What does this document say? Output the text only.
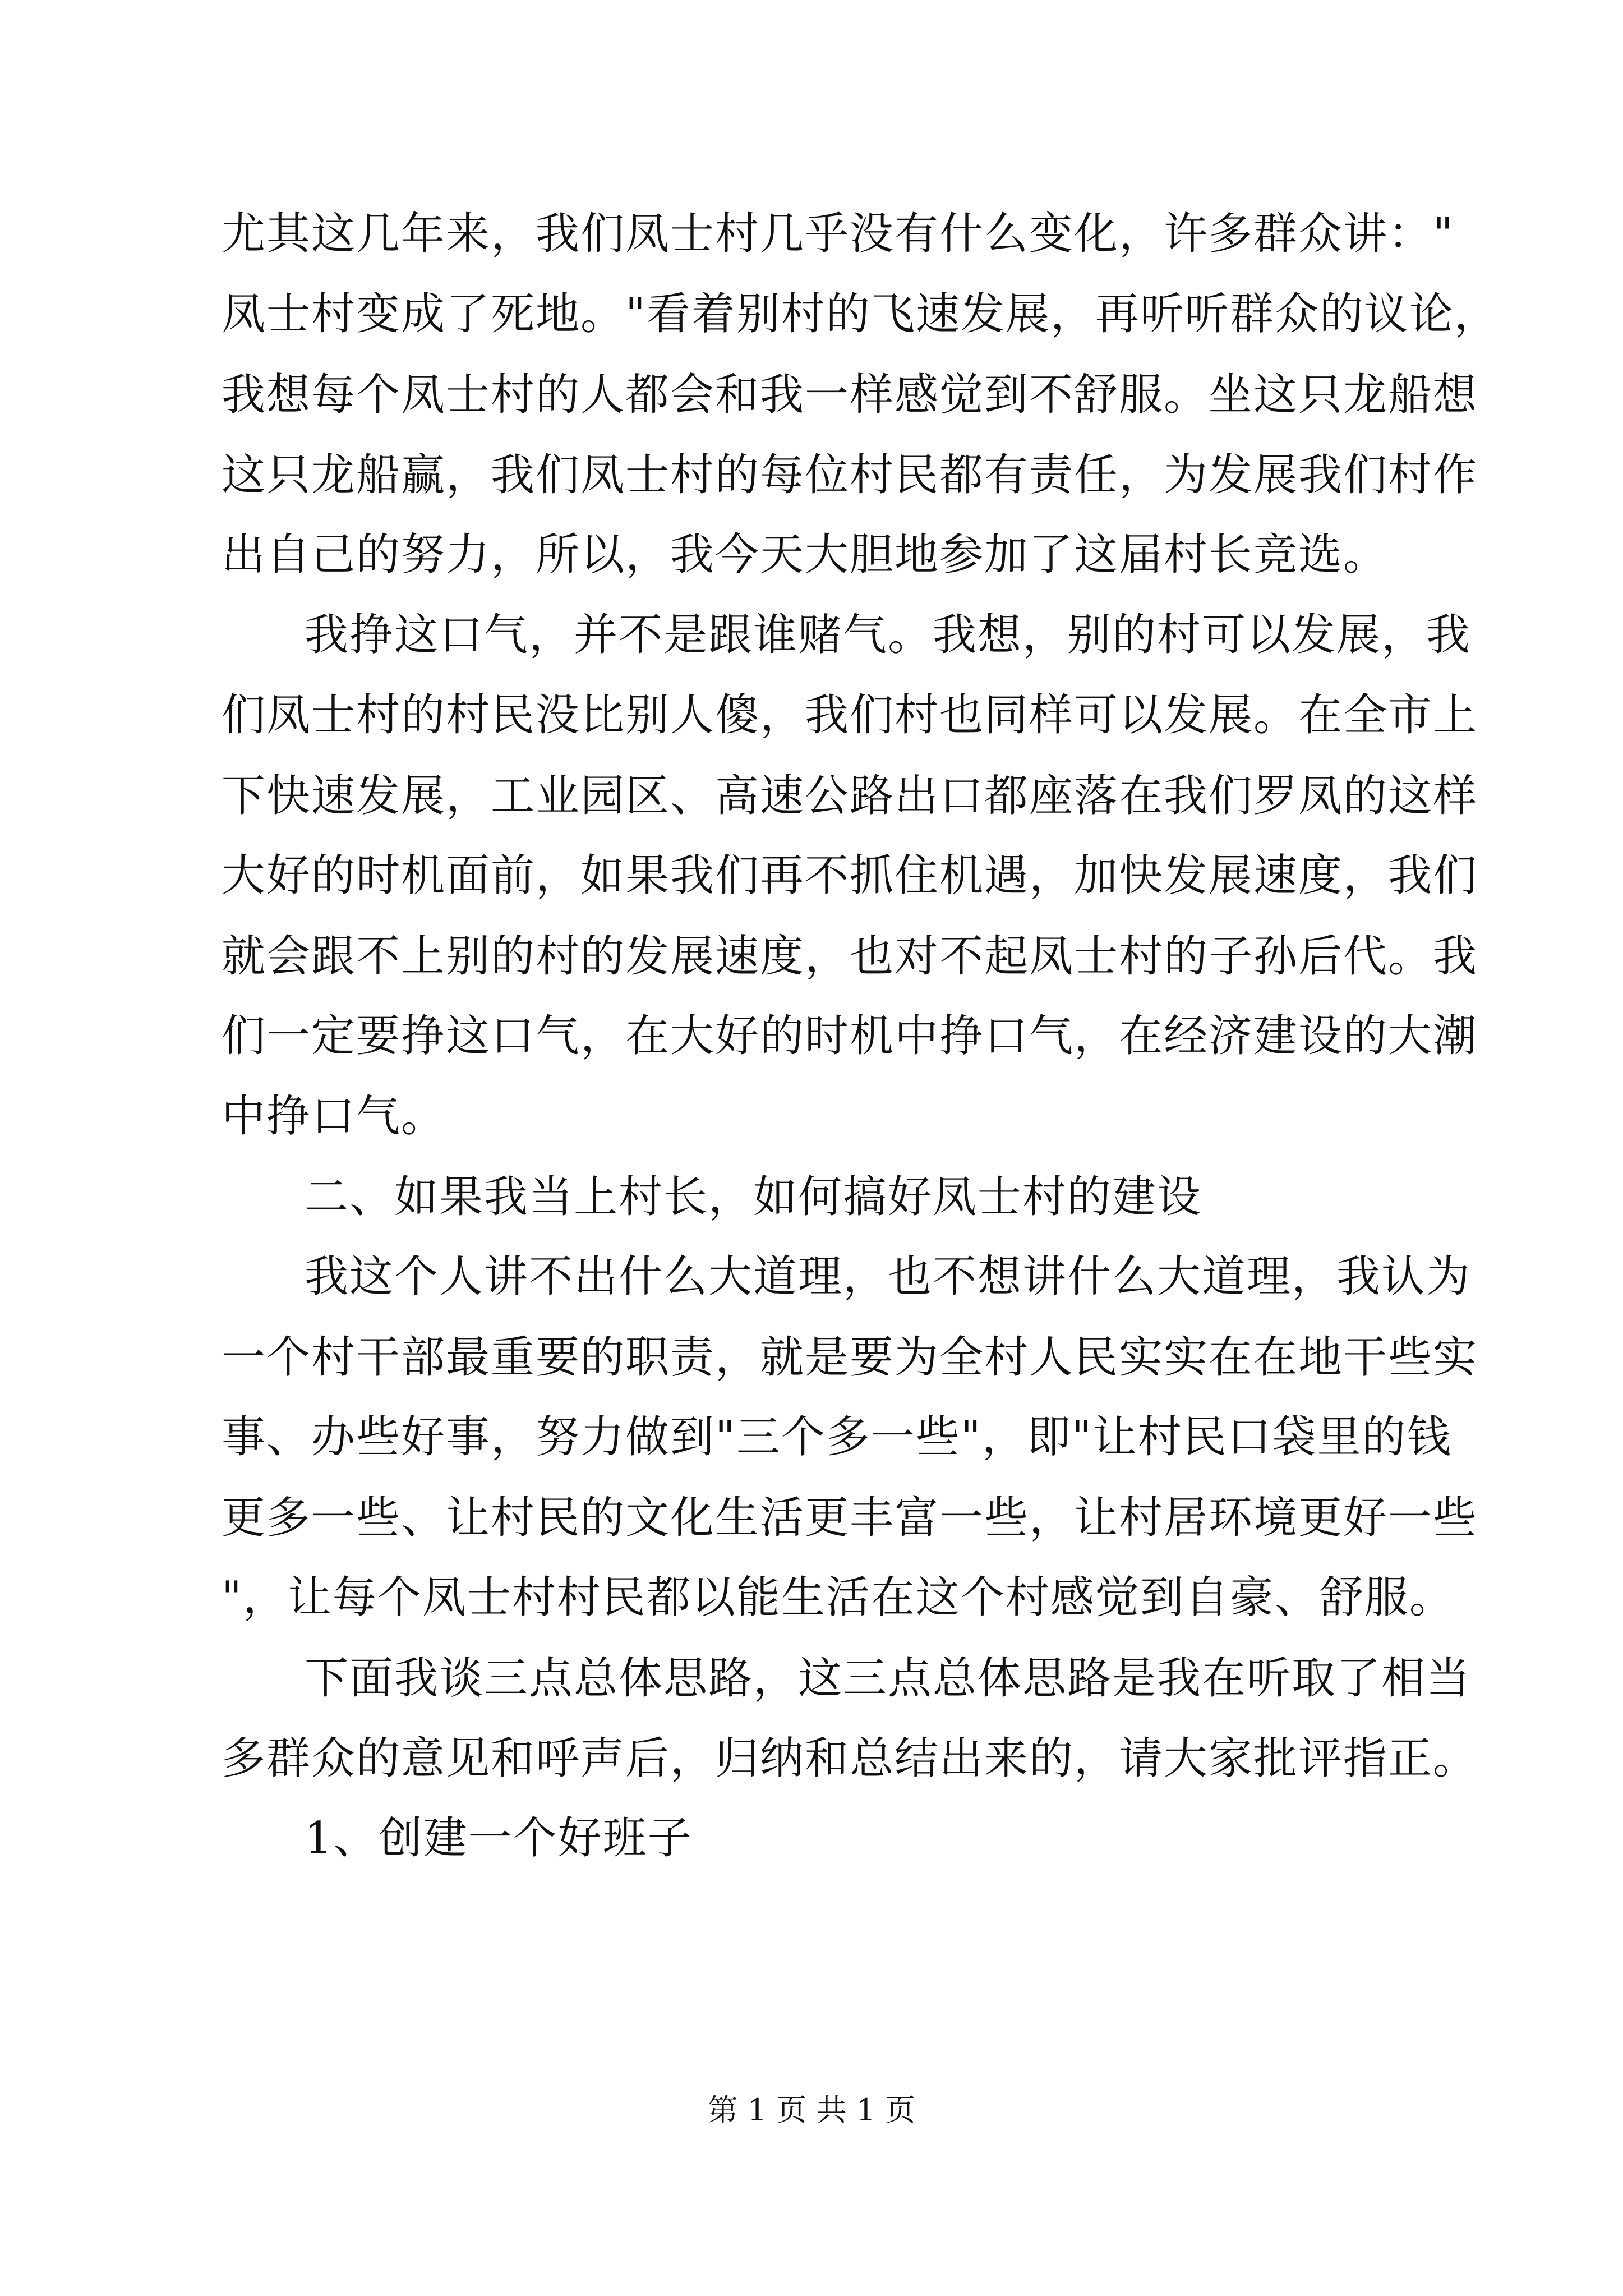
尤其这几年来，我们凤士村几乎没有什么变化，许多群众讲："
凤士村变成了死地。"看着别村的飞速发展，再听听群众的议论，
我想每个凤士村的人都会和我一样感觉到不舒服。坐这只龙船想
这只龙船赢，我们凤士村的每位村民都有责任，为发展我们村作
出自己的努力，所以，我今天大胆地参加了这届村长竞选。
我挣这口气，并不是跟谁赌气。我想，别的村可以发展，我
们凤士村的村民没比别人傻，我们村也同样可以发展。在全市上
下快速发展，工业园区、高速公路出口都座落在我们罗凤的这样
大好的时机面前，如果我们再不抓住机遇，加快发展速度，我们
就会跟不上别的村的发展速度，也对不起凤士村的子孙后代。我
们一定要挣这口气，在大好的时机中挣口气，在经济建设的大潮
中挣口气。
二、如果我当上村长，如何搞好凤士村的建设
我这个人讲不出什么大道理，也不想讲什么大道理，我认为
一个村干部最重要的职责，就是要为全村人民实实在在地干些实
事、办些好事，努力做到"三个多一些"，即"让村民口袋里的钱
更多一些、让村民的文化生活更丰富一些，让村居环境更好一些
"，让每个凤士村村民都以能生活在这个村感觉到自豪、舒服。
下面我谈三点总体思路，这三点总体思路是我在听取了相当
多群众的意见和呼声后，归纳和总结出来的，请大家批评指正。
1、创建一个好班子
第 1 页 共 1 页
